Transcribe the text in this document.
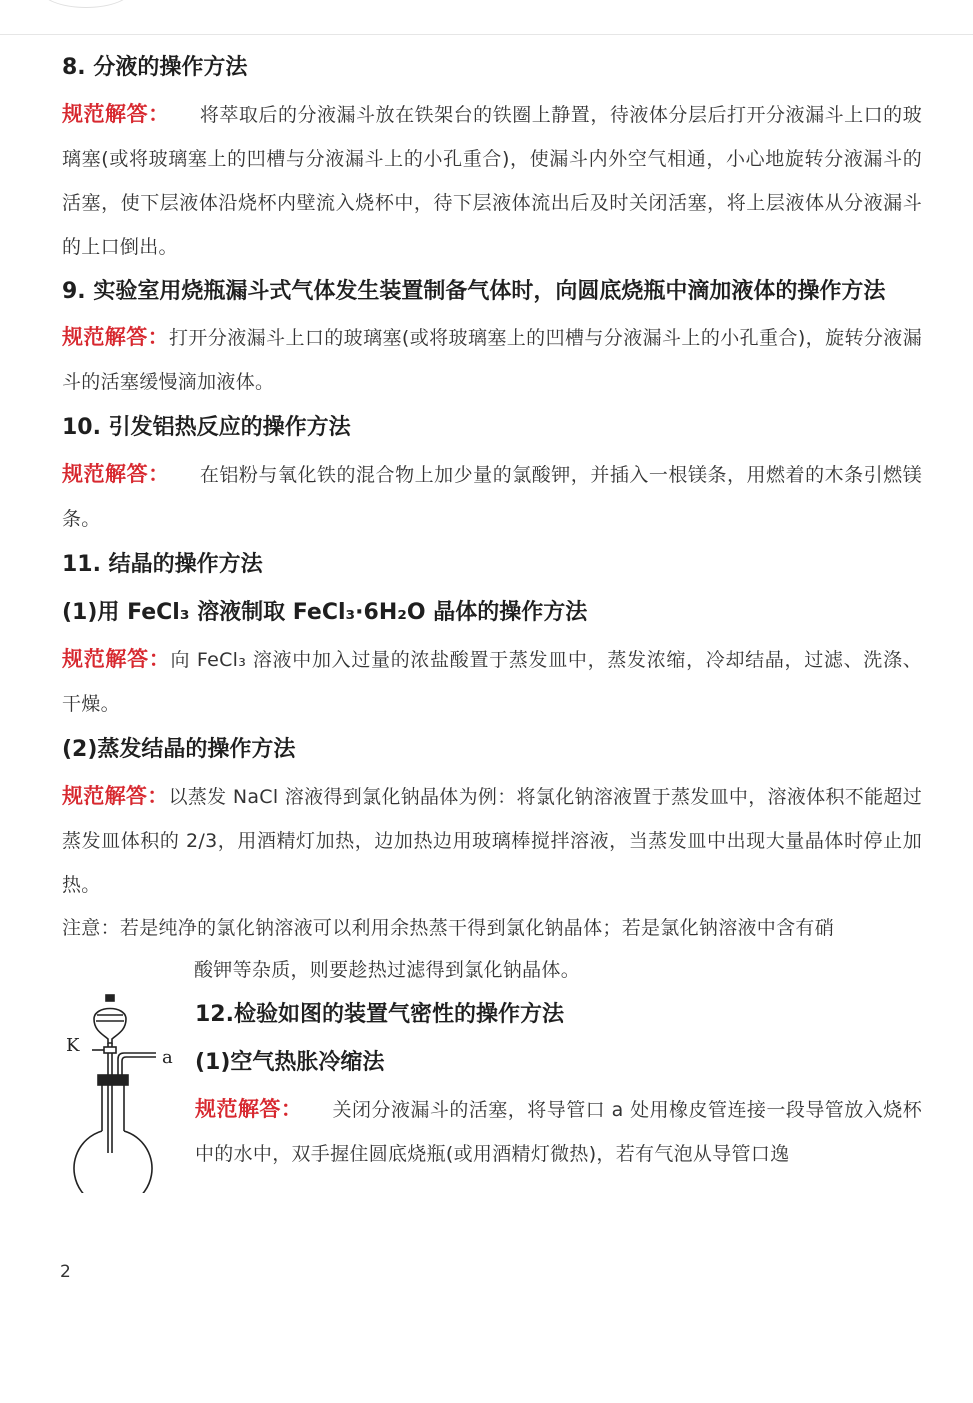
8. 分液的操作方法

规范解答： 将萃取后的分液漏斗放在铁架台的铁圈上静置，待液体分层后打开分液漏斗上口的玻璃塞(或将玻璃塞上的凹槽与分液漏斗上的小孔重合)，使漏斗内外空气相通，小心地旋转分液漏斗的活塞，使下层液体沿烧杯内壁流入烧杯中，待下层液体流出后及时关闭活塞，将上层液体从分液漏斗的上口倒出。

9. 实验室用烧瓶漏斗式气体发生装置制备气体时，向圆底烧瓶中滴加液体的操作方法

规范解答：打开分液漏斗上口的玻璃塞(或将玻璃塞上的凹槽与分液漏斗上的小孔重合)，旋转分液漏斗的活塞缓慢滴加液体。

10. 引发铝热反应的操作方法

规范解答： 在铝粉与氧化铁的混合物上加少量的氯酸钾，并插入一根镁条，用燃着的木条引燃镁条。

11. 结晶的操作方法

(1)用 FeCl₃ 溶液制取 FeCl₃·6H₂O 晶体的操作方法

规范解答：向 FeCl₃ 溶液中加入过量的浓盐酸置于蒸发皿中，蒸发浓缩，冷却结晶，过滤、洗涤、干燥。

(2)蒸发结晶的操作方法

规范解答：以蒸发 NaCl 溶液得到氯化钠晶体为例：将氯化钠溶液置于蒸发皿中，溶液体积不能超过蒸发皿体积的 2/3，用酒精灯加热，边加热边用玻璃棒搅拌溶液，当蒸发皿中出现大量晶体时停止加热。

注意：若是纯净的氯化钠溶液可以利用余热蒸干得到氯化钠晶体；若是氯化钠溶液中含有硝

酸钾等杂质，则要趁热过滤得到氯化钠晶体。

K
a

12.检验如图的装置气密性的操作方法

(1)空气热胀冷缩法

规范解答： 关闭分液漏斗的活塞，将导管口 a 处用橡皮管连接一段导管放入烧杯中的水中，双手握住圆底烧瓶(或用酒精灯微热)，若有气泡从导管口逸

2
